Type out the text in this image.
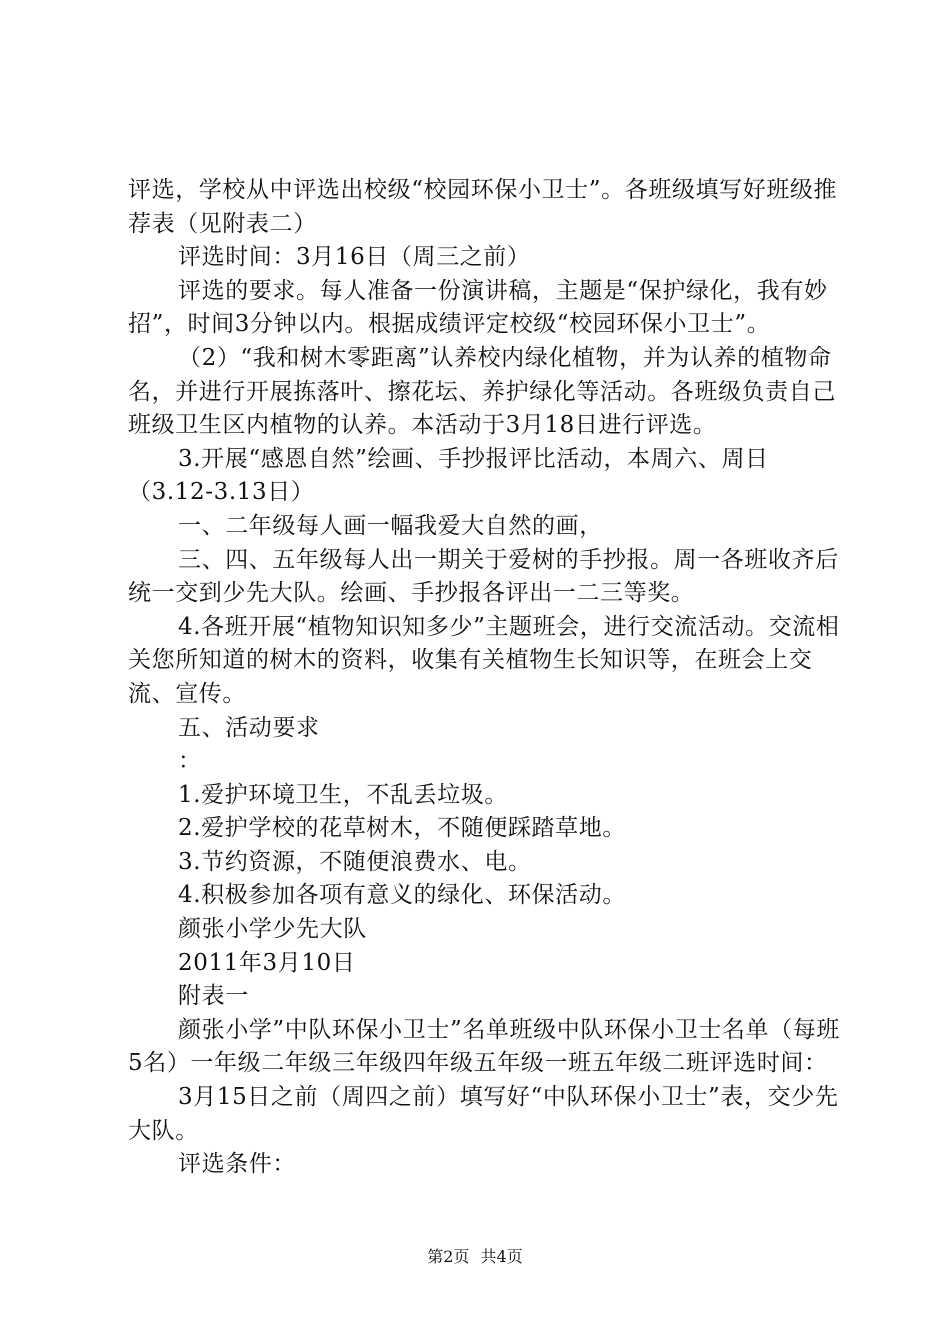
评选，学校从中评选出校级“校园环保小卫士”。各班级填写好班级推荐表（见附表二）

评选时间：3月16日（周三之前）

评选的要求。每人准备一份演讲稿，主题是“保护绿化，我有妙招”，时间3分钟以内。根据成绩评定校级“校园环保小卫士”。

（2）“我和树木零距离”认养校内绿化植物，并为认养的植物命名，并进行开展拣落叶、擦花坛、养护绿化等活动。各班级负责自己班级卫生区内植物的认养。本活动于3月18日进行评选。

3.开展“感恩自然”绘画、手抄报评比活动，本周六、周日（3.12-3.13日）

一、二年级每人画一幅我爱大自然的画，

三、四、五年级每人出一期关于爱树的手抄报。周一各班收齐后统一交到少先大队。绘画、手抄报各评出一二三等奖。

4.各班开展“植物知识知多少”主题班会，进行交流活动。交流相关您所知道的树木的资料，收集有关植物生长知识等，在班会上交流、宣传。

五、活动要求

：

1.爱护环境卫生，不乱丢垃圾。

2.爱护学校的花草树木，不随便踩踏草地。

3.节约资源，不随便浪费水、电。

4.积极参加各项有意义的绿化、环保活动。

颜张小学少先大队

2011年3月10日

附表一

颜张小学”中队环保小卫士”名单班级中队环保小卫士名单（每班5名）一年级二年级三年级四年级五年级一班五年级二班评选时间：

3月15日之前（周四之前）填写好“中队环保小卫士”表，交少先大队。

评选条件：

第2页 共4页
